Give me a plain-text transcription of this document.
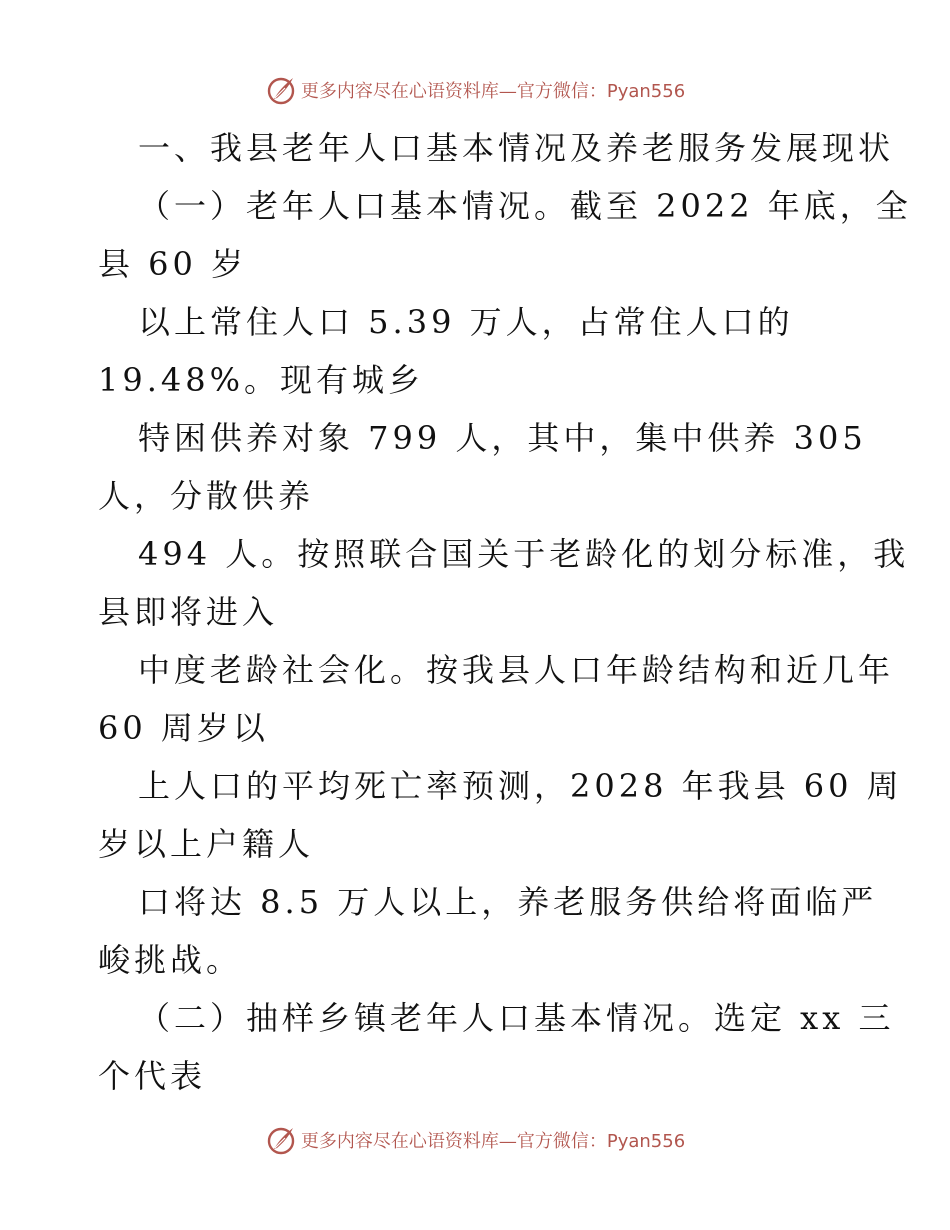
更多内容尽在心语资料库—官方微信：Pyan556

一、我县老年人口基本情况及养老服务发展现状

（一）老年人口基本情况。截至 2022 年底，全

县 60 岁

以上常住人口 5.39 万人，占常住人口的

19.48%。现有城乡

特困供养对象 799 人，其中，集中供养 305

人，分散供养

494 人。按照联合国关于老龄化的划分标准，我

县即将进入

中度老龄社会化。按我县人口年龄结构和近几年

60 周岁以

上人口的平均死亡率预测，2028 年我县 60 周

岁以上户籍人

口将达 8.5 万人以上，养老服务供给将面临严

峻挑战。

（二）抽样乡镇老年人口基本情况。选定 xx 三

个代表

更多内容尽在心语资料库—官方微信：Pyan556
